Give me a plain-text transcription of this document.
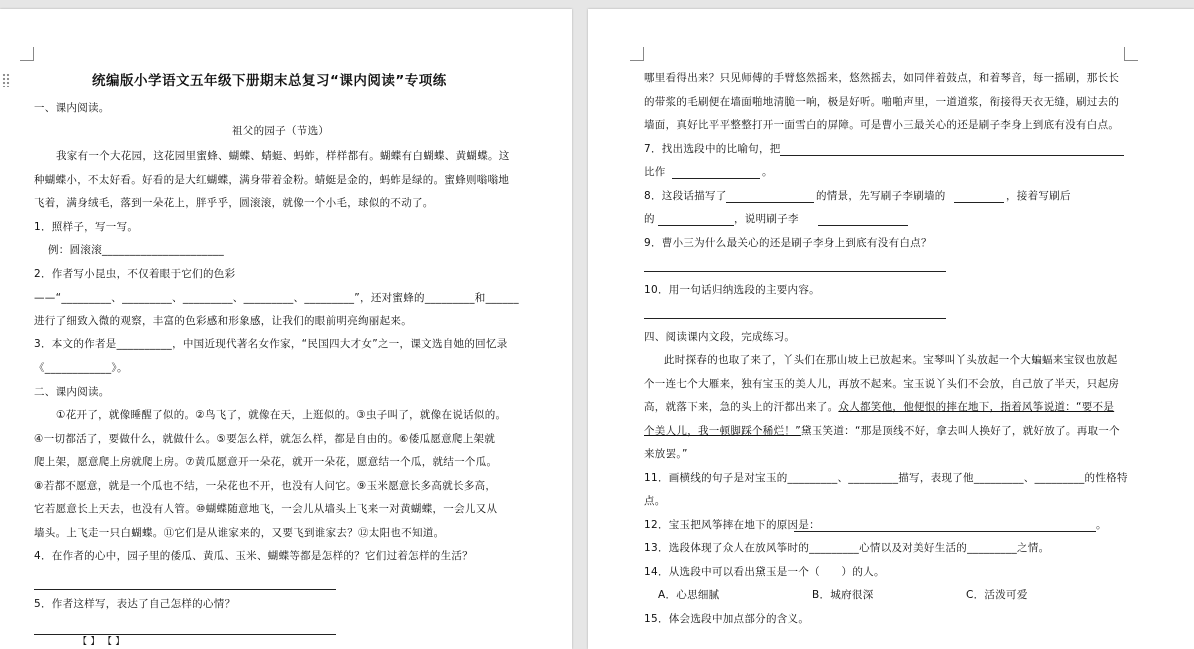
统编版小学语文五年级下册期末总复习“课内阅读”专项练
一、课内阅读。
祖父的园子（节选）
我家有一个大花园，这花园里蜜蜂、蝴蝶、蜻蜓、蚂蚱，样样都有。蝴蝶有白蝴蝶、黄蝴蝶。这
种蝴蝶小，不太好看。好看的是大红蝴蝶，满身带着金粉。蜻蜓是金的，蚂蚱是绿的。蜜蜂则嗡嗡地
飞着，满身绒毛，落到一朵花上，胖乎乎，圆滚滚，就像一个小毛，球似的不动了。
1．照样子，写一写。
例：圆滚滚______________________
2．作者写小昆虫，不仅着眼于它们的色彩
——“_________、_________、_________、_________、_________”，还对蜜蜂的_________和______
进行了细致入微的观察，丰富的色彩感和形象感，让我们的眼前明亮绚丽起来。
3．本文的作者是__________，中国近现代著名女作家，“民国四大才女”之一，课文选自她的回忆录
《____________》。
二、课内阅读。
①花开了，就像睡醒了似的。②鸟飞了，就像在天，上逛似的。③虫子叫了，就像在说话似的。
④一切都活了，要做什么，就做什么。⑤要怎么样，就怎么样，都是自由的。⑥倭瓜愿意爬上架就
爬上架，愿意爬上房就爬上房。⑦黄瓜愿意开一朵花，就开一朵花，愿意结一个瓜，就结一个瓜。
⑧若都不愿意，就是一个瓜也不结，一朵花也不开，也没有人问它。⑨玉米愿意长多高就长多高，
它若愿意长上天去，也没有人管。⑩蝴蝶随意地飞，一会儿从墙头上飞来一对黄蝴蝶，一会儿又从
墙头。上飞走一只白蝴蝶。⑪它们是从谁家来的，又要飞到谁家去？⑫太阳也不知道。
4．在作者的心中，园子里的倭瓜、黄瓜、玉米、蝴蝶等都是怎样的？它们过着怎样的生活？
5．作者这样写，表达了自己怎样的心情？
【 】 【 】
哪里看得出来？只见师傅的手臂悠然摇来，悠然摇去，如同伴着鼓点，和着琴音，每一摇刷，那长长
的带浆的毛刷便在墙面啪地清脆一响，极是好听。啪啪声里，一道道浆，衔接得天衣无缝，刷过去的
墙面，真好比平平整整打开一面雪白的屏障。可是曹小三最关心的还是刷子李身上到底有没有白点。
7．找出选段中的比喻句，把
比作	。
8．这段话描写了	的情景，先写刷子李刷墙的	，接着写刷后
的	，说明刷子李
9．曹小三为什么最关心的还是刷子李身上到底有没有白点？
10．用一句话归纳选段的主要内容。
四、阅读课内文段，完成练习。
此时探春的也取了来了，丫头们在那山坡上已放起来。宝琴叫丫头放起一个大蝙蝠来宝钗也放起
个一连七个大雁来，独有宝玉的美人儿，再放不起来。宝玉说丫头们不会放，自己放了半天，只起房
高，就落下来，急的头上的汗都出来了。众人都笑他，他便恨的摔在地下，指着风筝说道：“要不是
个美人儿，我一顿脚踩个稀烂！”黛玉笑道：“那是顶线不好，拿去叫人换好了，就好放了。再取一个
来放罢。”
11．画横线的句子是对宝玉的_________、_________描写，表现了他_________、_________的性格特
点。
12．宝玉把风筝摔在地下的原因是：	。
13．选段体现了众人在放风筝时的_________心情以及对美好生活的_________之情。
14．从选段中可以看出黛玉是一个（　　）的人。
A．心思细腻	B．城府很深	C．活泼可爱
15．体会选段中加点部分的含义。
